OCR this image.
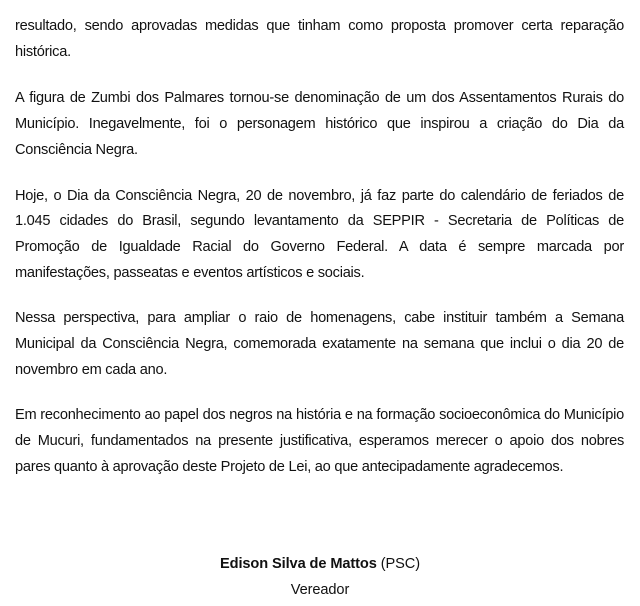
resultado, sendo aprovadas medidas que tinham como proposta promover certa reparação histórica.

A figura de Zumbi dos Palmares tornou-se denominação de um dos Assentamentos Rurais do Município. Inegavelmente, foi o personagem histórico que inspirou a criação do Dia da Consciência Negra.

Hoje, o Dia da Consciência Negra, 20 de novembro, já faz parte do calendário de feriados de 1.045 cidades do Brasil, segundo levantamento da SEPPIR - Secretaria de Políticas de Promoção de Igualdade Racial do Governo Federal. A data é sempre marcada por manifestações, passeatas e eventos artísticos e sociais.

Nessa perspectiva, para ampliar o raio de homenagens, cabe instituir também a Semana Municipal da Consciência Negra, comemorada exatamente na semana que inclui o dia 20 de novembro em cada ano.

Em reconhecimento ao papel dos negros na história e na formação socioeconômica do Município de Mucuri, fundamentados na presente justificativa, esperamos merecer o apoio dos nobres pares quanto à aprovação deste Projeto de Lei, ao que antecipadamente agradecemos.

Edison Silva de Mattos (PSC)
Vereador
